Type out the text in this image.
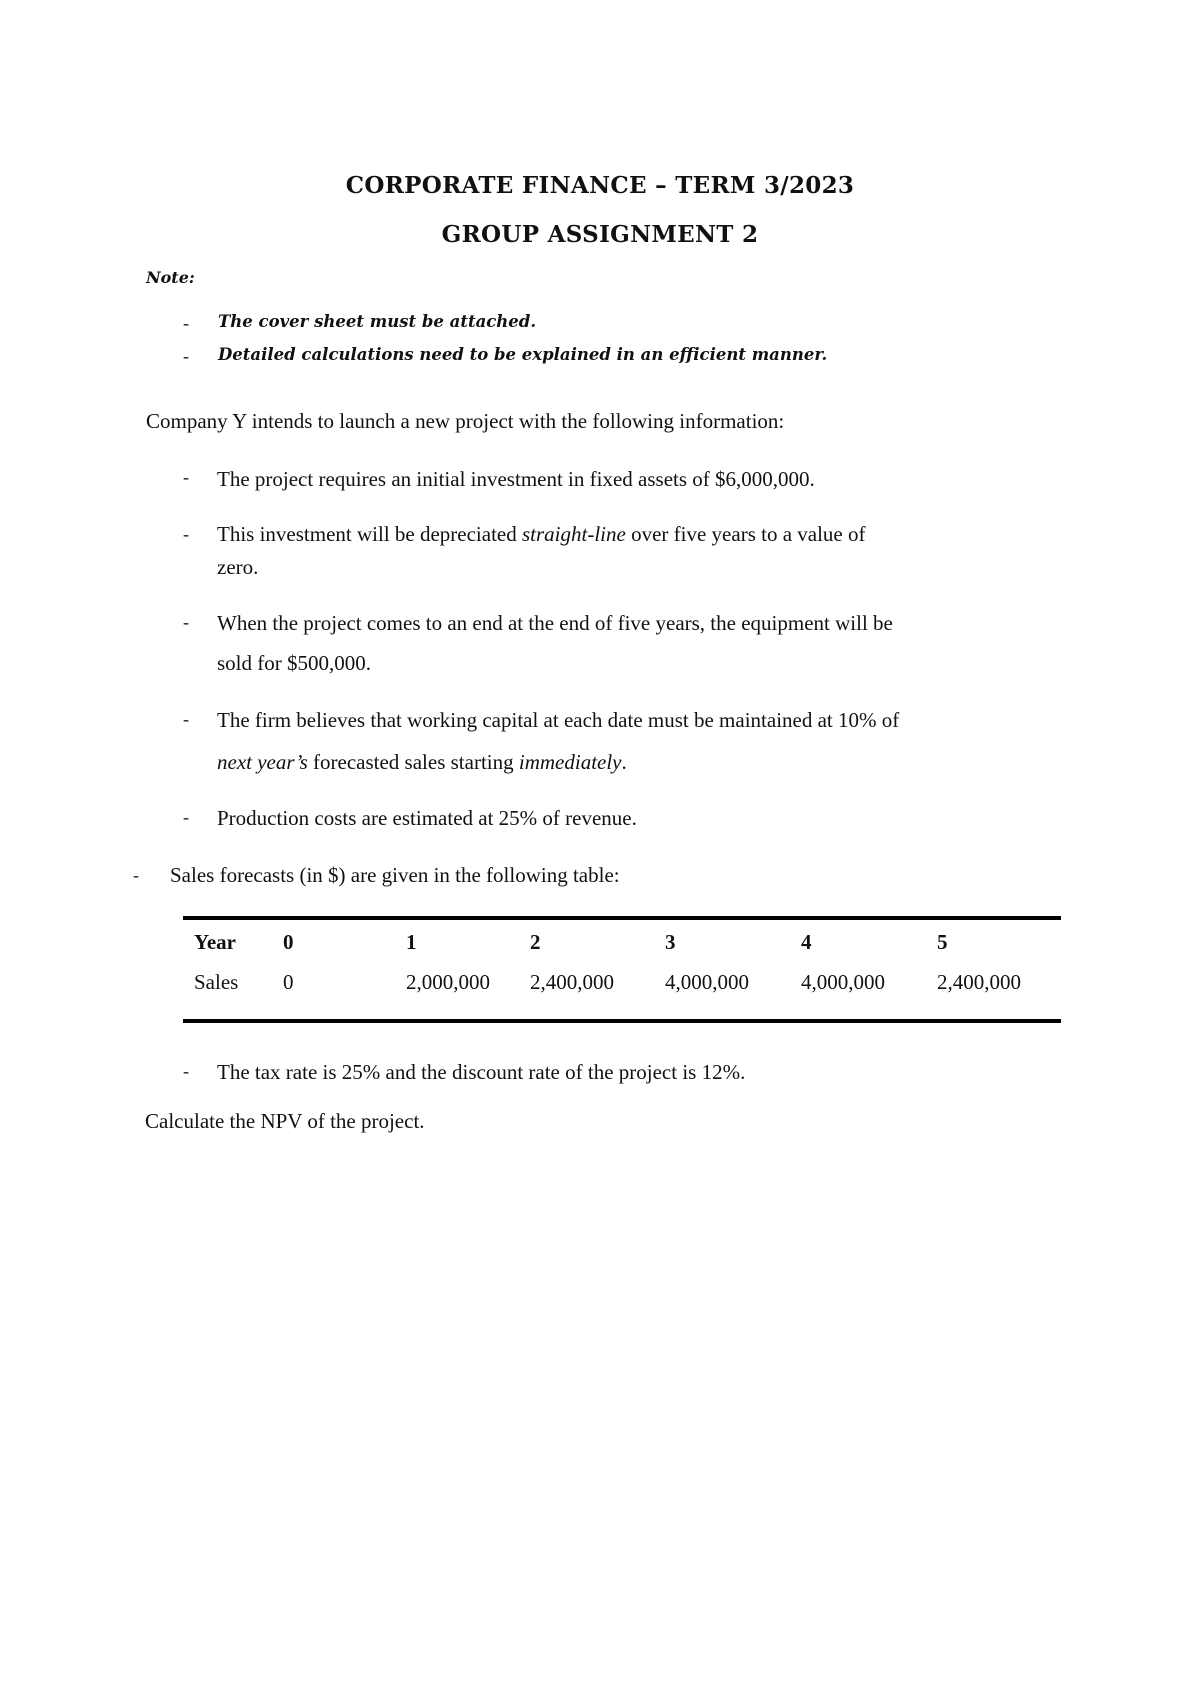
CORPORATE FINANCE – TERM 3/2023
GROUP ASSIGNMENT 2
Note:
- The cover sheet must be attached.
- Detailed calculations need to be explained in an efficient manner.
Company Y intends to launch a new project with the following information:
- The project requires an initial investment in fixed assets of $6,000,000.
- This investment will be depreciated straight-line over five years to a value of
zero.
- When the project comes to an end at the end of five years, the equipment will be
sold for $500,000.
- The firm believes that working capital at each date must be maintained at 10% of
next year’s forecasted sales starting immediately.
- Production costs are estimated at 25% of revenue.
- Sales forecasts (in $) are given in the following table:
Year 0	1	2	3	4	5
Sales 0	2,000,000 2,400,000 4,000,000 4,000,000 2,400,000
- The tax rate is 25% and the discount rate of the project is 12%.
Calculate the NPV of the project.
